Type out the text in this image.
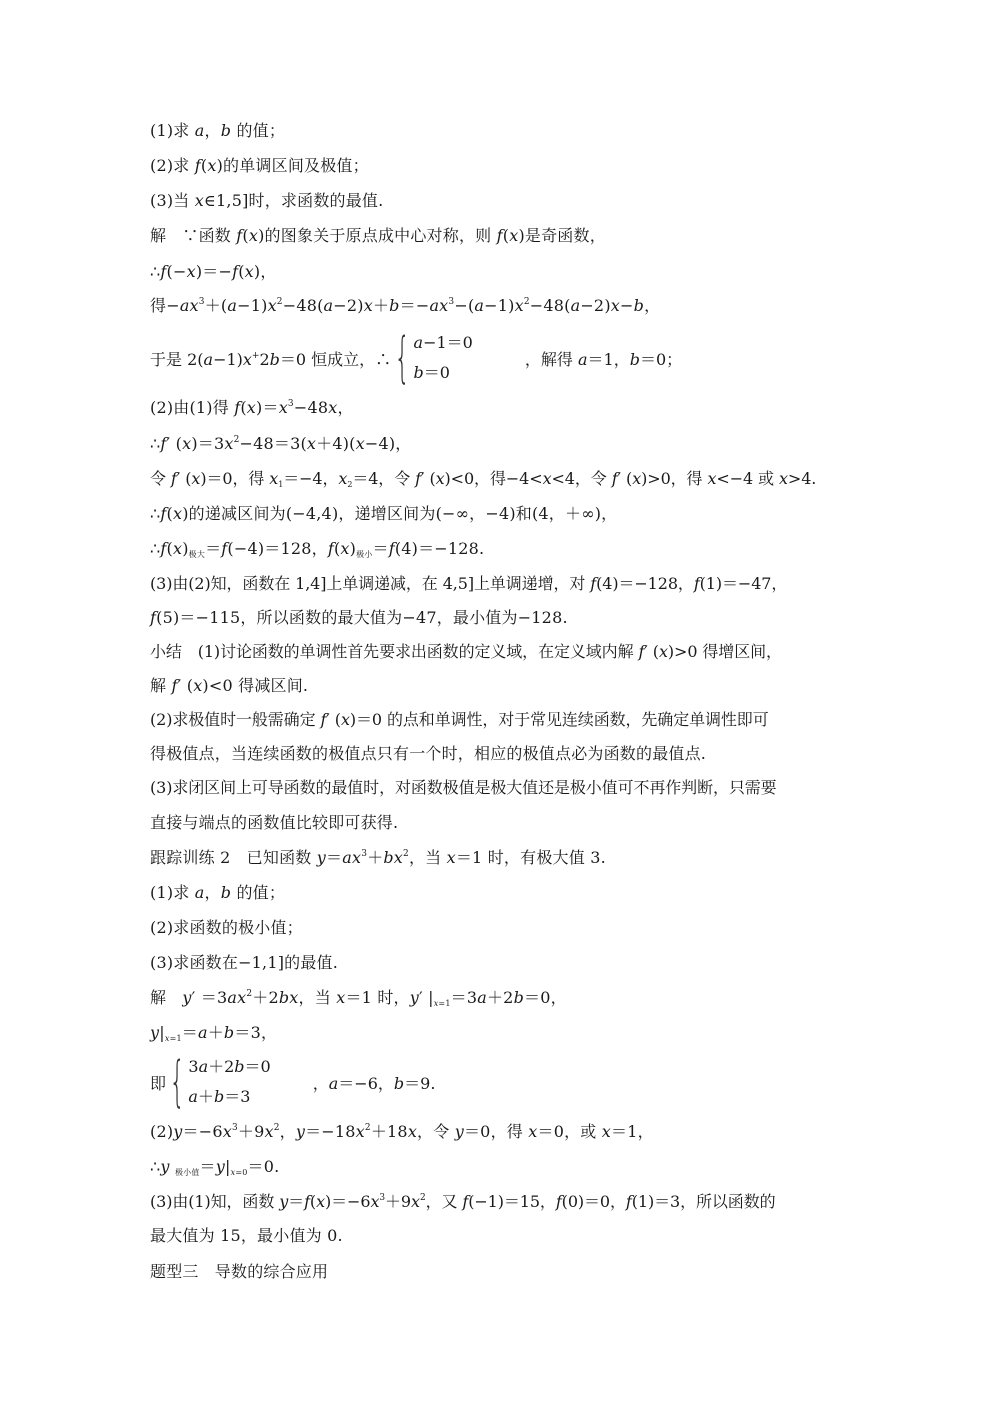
(1)求 a，b 的值；
(2)求 f(x)的单调区间及极值；
(3)当 x∈1,5]时，求函数的最值.
解　∵函数 f(x)的图象关于原点成中心对称，则 f(x)是奇函数，
∴f(−x)＝−f(x)，
得$-ax^3+(a-1)x^2-48(a-2)x+b=-ax^3-(a-1)x^2-48(a-2)x-b$，
于是 2(a−1)x+2b＝0 恒成立，∴ { a−1＝0
b＝0
，解得 a＝1，b＝0；
(2)由(1)得 $f(x)=x^3-48x$，
∴f′ $(x)=3x^2-48=3(x+4)(x-4)$，
令 f′ (x)＝0，得 $x_1=-4$，$x_2=4$，令 f′ (x)<0，得−4<x<4，令 f′ (x)>0，得 x<−4 或 x>4.
∴f(x)的递减区间为(−4,4)，递增区间为(−∞，−4)和(4，＋∞)，
∴f(x)极大＝f(−4)＝128，f(x)极小＝f(4)＝−128.
(3)由(2)知，函数在 1,4]上单调递减，在 4,5]上单调递增，对 f(4)＝−128，f(1)＝−47，
f(5)＝−115，所以函数的最大值为−47，最小值为−128.
小结　(1)讨论函数的单调性首先要求出函数的定义域，在定义域内解 f′ (x)>0 得增区间，
解 f′ (x)<0 得减区间.
(2)求极值时一般需确定 f′ (x)＝0 的点和单调性，对于常见连续函数，先确定单调性即可
得极值点，当连续函数的极值点只有一个时，相应的极值点必为函数的最值点.
(3)求闭区间上可导函数的最值时，对函数极值是极大值还是极小值可不再作判断，只需要
直接与端点的函数值比较即可获得.
跟踪训练 2　已知函数 $y=ax^3+bx^2$，当 x＝1 时，有极大值 3.
(1)求 a，b 的值；
(2)求函数的极小值；
(3)求函数在−1,1]的最值.
解　$y' =3ax^2+2bx$，当 x＝1 时，y′ |x=1＝3a＋2b＝0，
y|x=1＝a＋b＝3，
即 { 3a＋2b＝0
a＋b＝3
，a＝−6，b＝9.
$(2)y=-6x^3+9x^2$，$y=-18x^2+18x$，令 y＝0，得 x＝0，或 x＝1，
∴y 极小值＝y|x=0＝0.
(3)由(1)知，函数 $y=f(x)=-6x^3+9x^2$，又 f(−1)＝15，f(0)＝0，f(1)＝3，所以函数的
最大值为 15，最小值为 0.
题型三　导数的综合应用
